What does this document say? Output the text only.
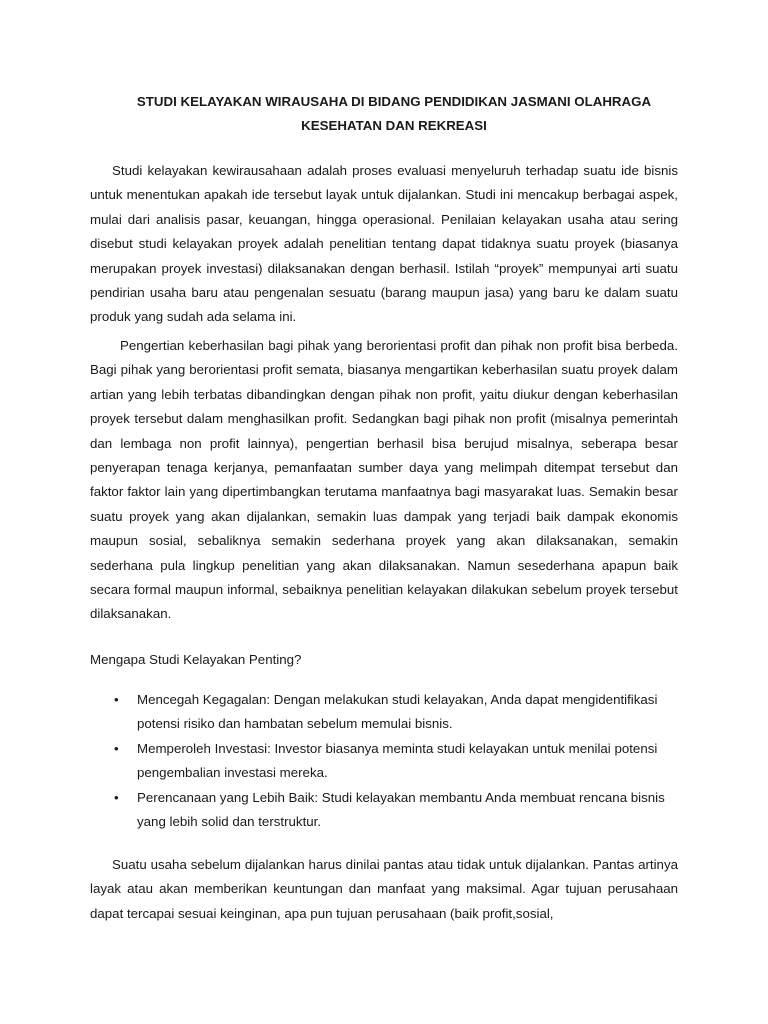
STUDI KELAYAKAN WIRAUSAHA DI BIDANG PENDIDIKAN JASMANI OLAHRAGA
KESEHATAN DAN REKREASI

Studi kelayakan kewirausahaan adalah proses evaluasi menyeluruh terhadap suatu ide bisnis untuk menentukan apakah ide tersebut layak untuk dijalankan. Studi ini mencakup berbagai aspek, mulai dari analisis pasar, keuangan, hingga operasional. Penilaian kelayakan usaha atau sering disebut studi kelayakan proyek adalah penelitian tentang dapat tidaknya suatu proyek (biasanya merupakan proyek investasi) dilaksanakan dengan berhasil. Istilah “proyek” mempunyai arti suatu pendirian usaha baru atau pengenalan sesuatu (barang maupun jasa) yang baru ke dalam suatu produk yang sudah ada selama ini.

Pengertian keberhasilan bagi pihak yang berorientasi profit dan pihak non profit bisa berbeda. Bagi pihak yang berorientasi profit semata, biasanya mengartikan keberhasilan suatu proyek dalam artian yang lebih terbatas dibandingkan dengan pihak non profit, yaitu diukur dengan keberhasilan proyek tersebut dalam menghasilkan profit. Sedangkan bagi pihak non profit (misalnya pemerintah dan lembaga non profit lainnya), pengertian berhasil bisa berujud misalnya, seberapa besar penyerapan tenaga kerjanya, pemanfaatan sumber daya yang melimpah ditempat tersebut dan faktor faktor lain yang dipertimbangkan terutama manfaatnya bagi masyarakat luas. Semakin besar suatu proyek yang akan dijalankan, semakin luas dampak yang terjadi baik dampak ekonomis maupun sosial, sebaliknya semakin sederhana proyek yang akan dilaksanakan, semakin sederhana pula lingkup penelitian yang akan dilaksanakan. Namun sesederhana apapun baik secara formal maupun informal, sebaiknya penelitian kelayakan dilakukan sebelum proyek tersebut dilaksanakan.

Mengapa Studi Kelayakan Penting?

• Mencegah Kegagalan: Dengan melakukan studi kelayakan, Anda dapat mengidentifikasi potensi risiko dan hambatan sebelum memulai bisnis.
• Memperoleh Investasi: Investor biasanya meminta studi kelayakan untuk menilai potensi pengembalian investasi mereka.
• Perencanaan yang Lebih Baik: Studi kelayakan membantu Anda membuat rencana bisnis yang lebih solid dan terstruktur.

Suatu usaha sebelum dijalankan harus dinilai pantas atau tidak untuk dijalankan. Pantas artinya layak atau akan memberikan keuntungan dan manfaat yang maksimal. Agar tujuan perusahaan dapat tercapai sesuai keinginan, apa pun tujuan perusahaan (baik profit,sosial,
